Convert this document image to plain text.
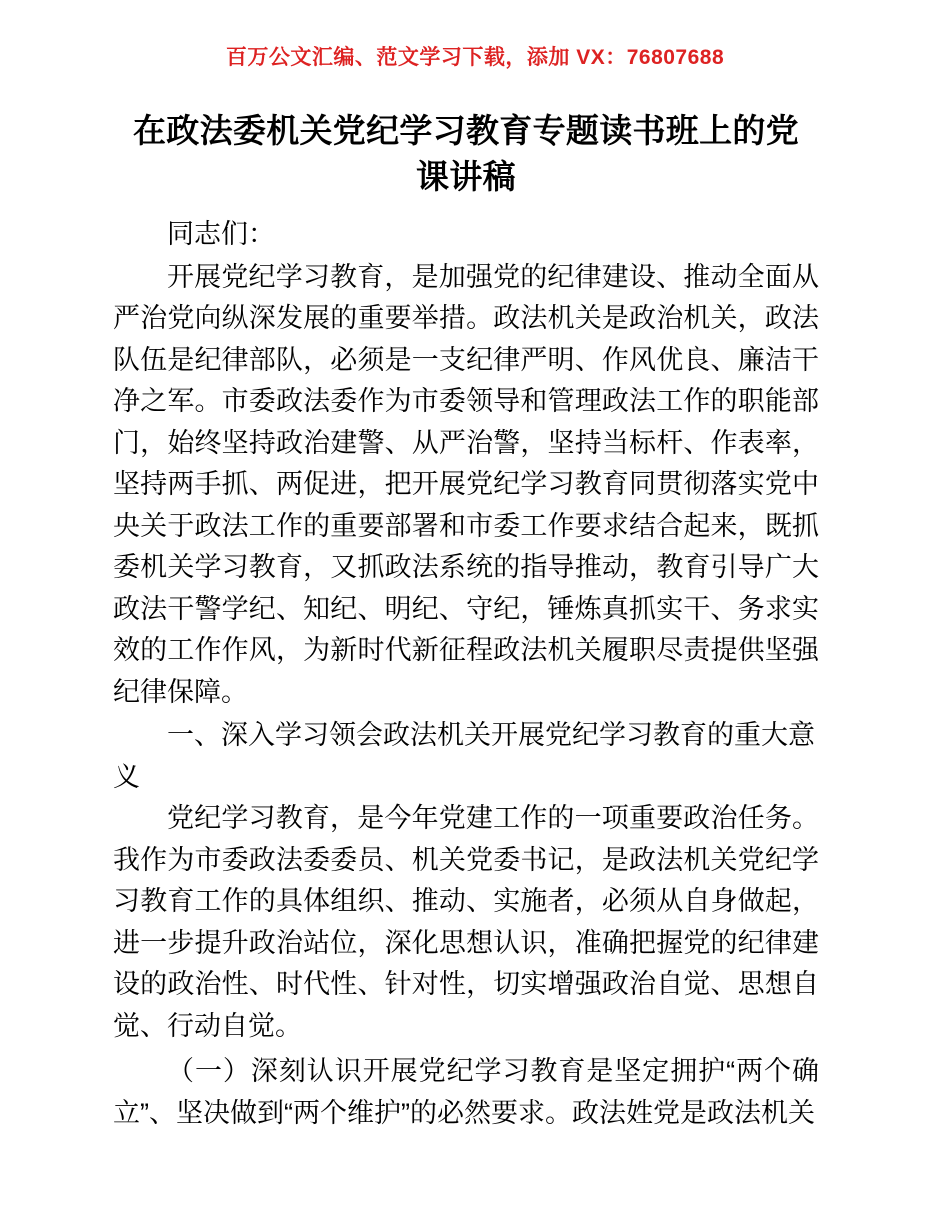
百万公文汇编、范文学习下载，添加 VX：76807688
在政法委机关党纪学习教育专题读书班上的党课讲稿

同志们：

开展党纪学习教育，是加强党的纪律建设、推动全面从严治党向纵深发展的重要举措。政法机关是政治机关，政法队伍是纪律部队，必须是一支纪律严明、作风优良、廉洁干净之军。市委政法委作为市委领导和管理政法工作的职能部门，始终坚持政治建警、从严治警，坚持当标杆、作表率，坚持两手抓、两促进，把开展党纪学习教育同贯彻落实党中央关于政法工作的重要部署和市委工作要求结合起来，既抓委机关学习教育，又抓政法系统的指导推动，教育引导广大政法干警学纪、知纪、明纪、守纪，锤炼真抓实干、务求实效的工作作风，为新时代新征程政法机关履职尽责提供坚强纪律保障。

一、深入学习领会政法机关开展党纪学习教育的重大意义

党纪学习教育，是今年党建工作的一项重要政治任务。我作为市委政法委委员、机关党委书记，是政法机关党纪学习教育工作的具体组织、推动、实施者，必须从自身做起，进一步提升政治站位，深化思想认识，准确把握党的纪律建设的政治性、时代性、针对性，切实增强政治自觉、思想自觉、行动自觉。

（一）深刻认识开展党纪学习教育是坚定拥护“两个确立”、坚决做到“两个维护”的必然要求。政法姓党是政法机关
